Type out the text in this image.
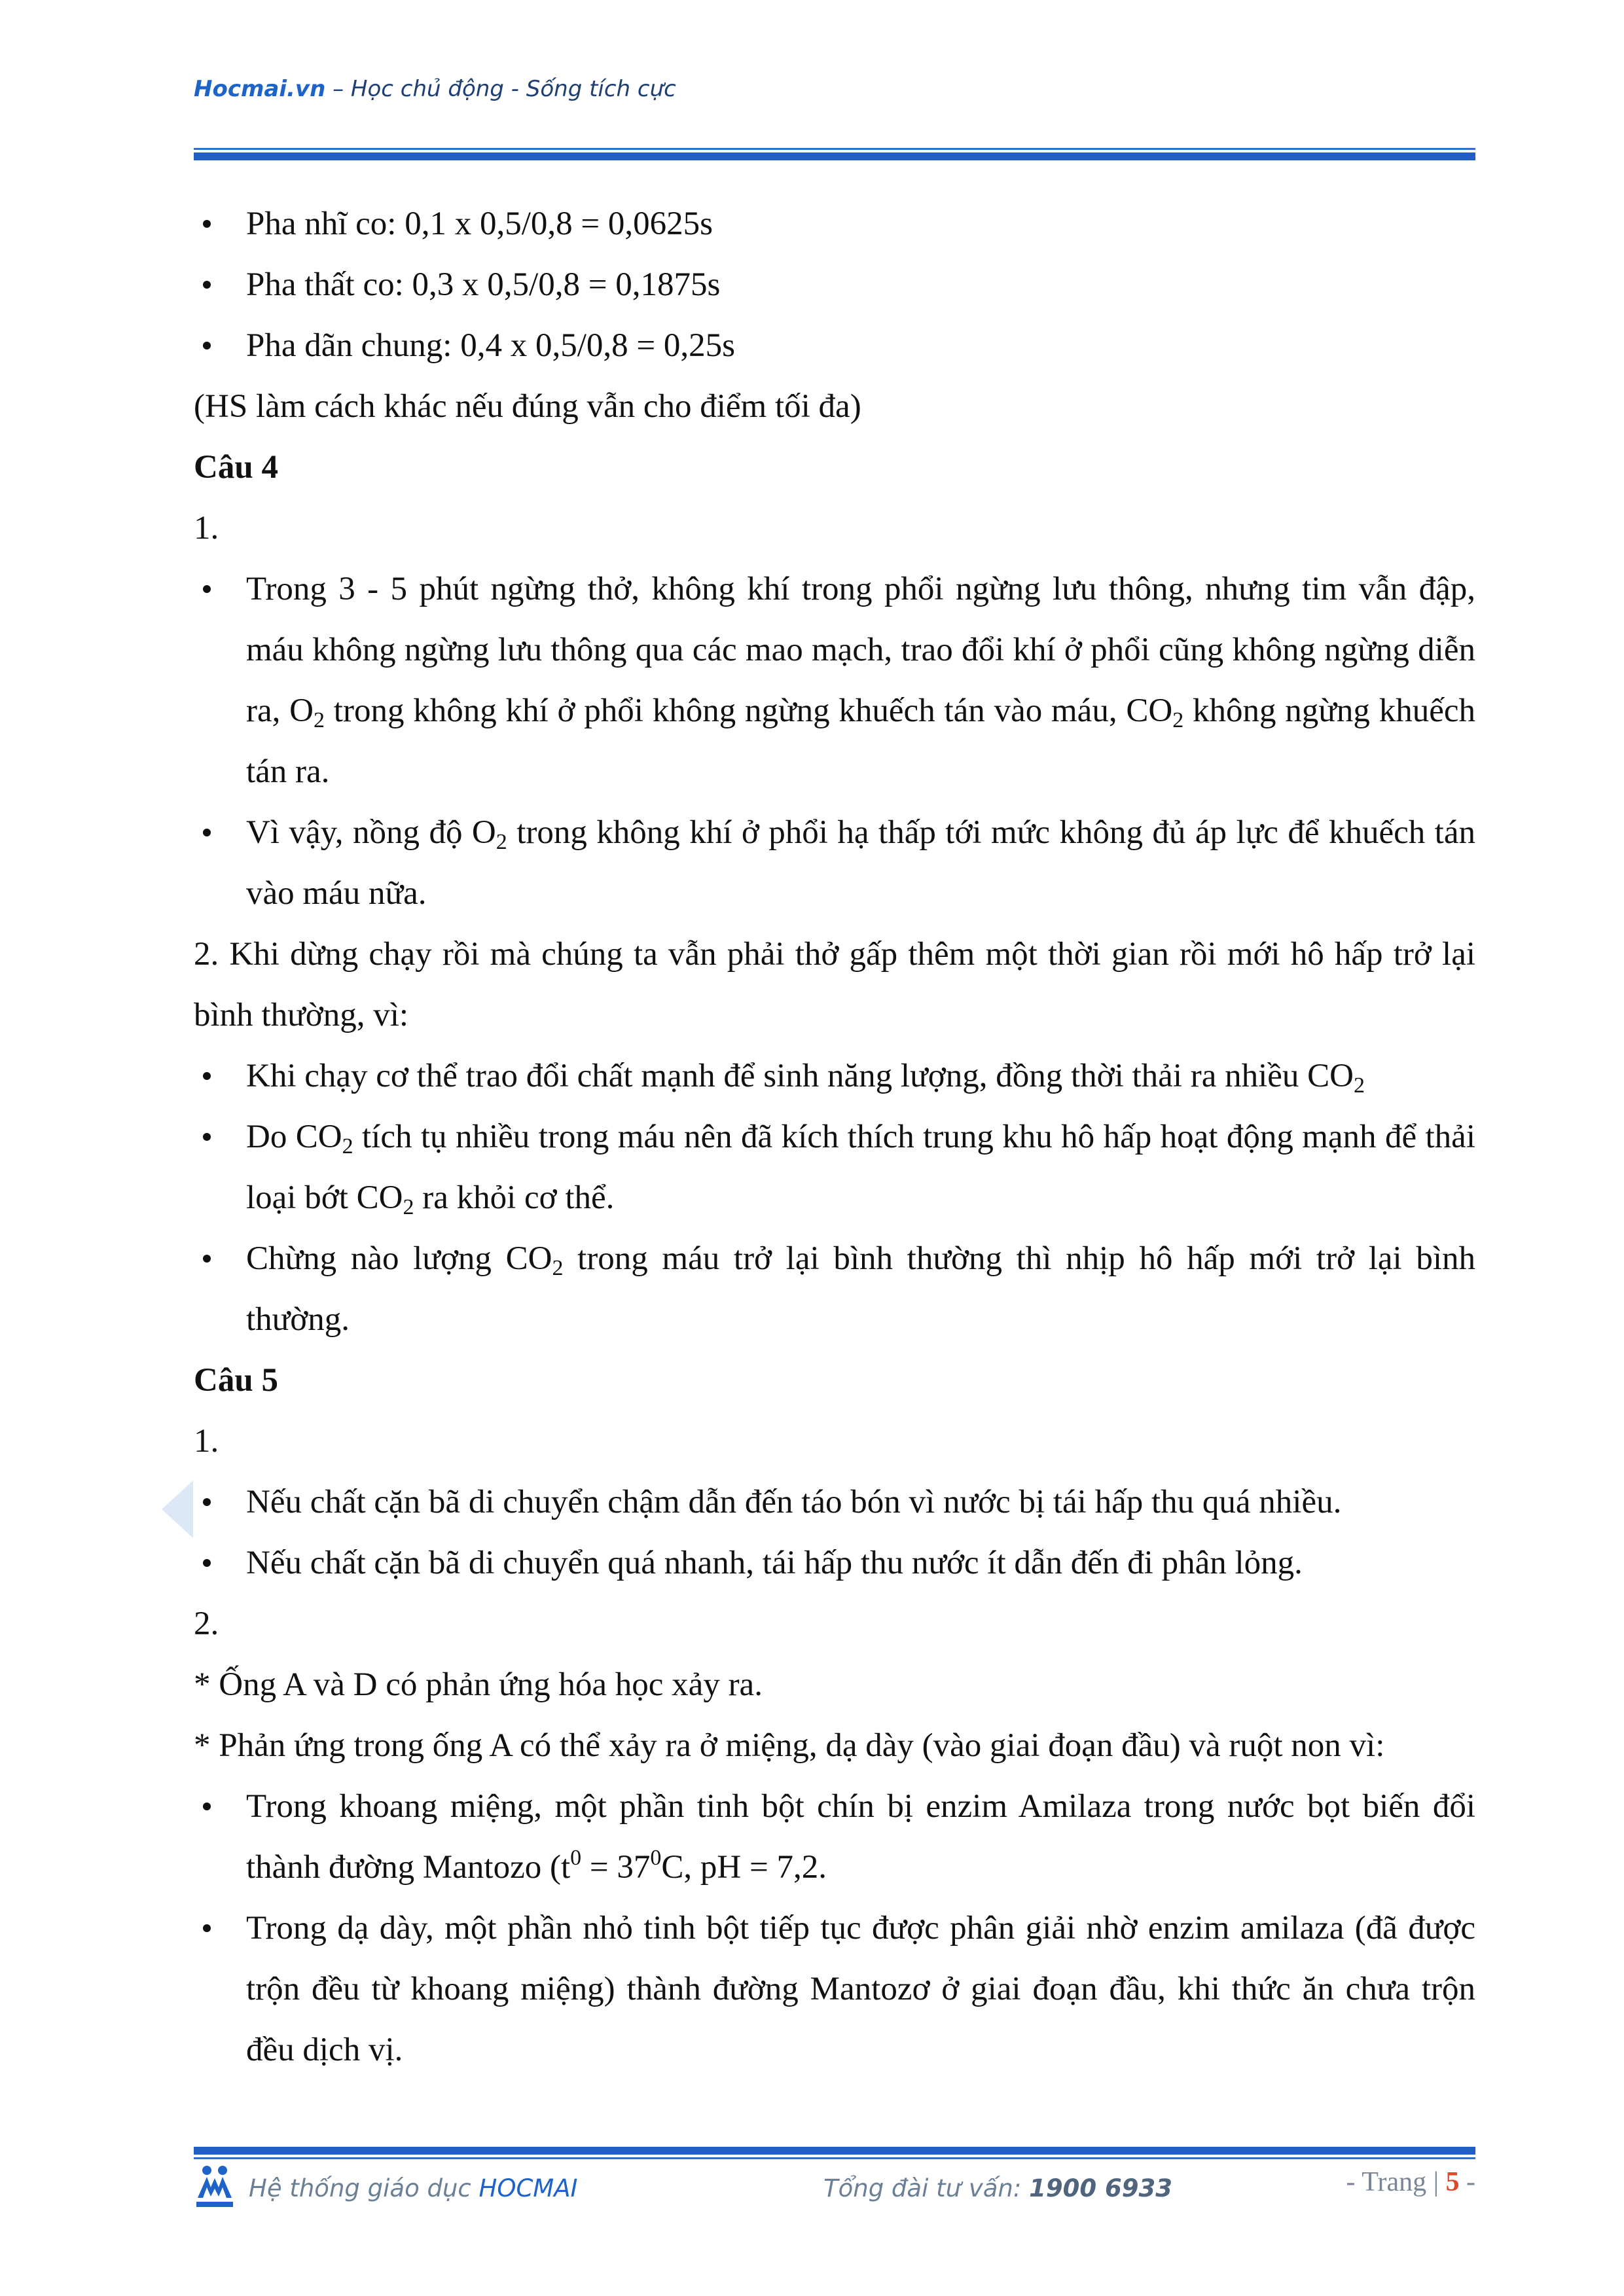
Hocmai.vn – Học chủ động - Sống tích cực
Pha nhĩ co: 0,1 x 0,5/0,8 = 0,0625s
Pha thất co: 0,3 x 0,5/0,8 = 0,1875s
Pha dãn chung: 0,4 x 0,5/0,8 = 0,25s
(HS làm cách khác nếu đúng vẫn cho điểm tối đa)
Câu 4
1.
Trong 3 - 5 phút ngừng thở, không khí trong phổi ngừng lưu thông, nhưng tim vẫn đập, máu không ngừng lưu thông qua các mao mạch, trao đổi khí ở phổi cũng không ngừng diễn ra, $O_2$ trong không khí ở phổi không ngừng khuếch tán vào máu, $CO_2$ không ngừng khuếch tán ra.
Vì vậy, nồng độ $O_2$ trong không khí ở phổi hạ thấp tới mức không đủ áp lực để khuếch tán vào máu nữa.
2. Khi dừng chạy rồi mà chúng ta vẫn phải thở gấp thêm một thời gian rồi mới hô hấp trở lại bình thường, vì:
Khi chạy cơ thể trao đổi chất mạnh để sinh năng lượng, đồng thời thải ra nhiều $CO_2$
Do $CO_2$ tích tụ nhiều trong máu nên đã kích thích trung khu hô hấp hoạt động mạnh để thải loại bớt $CO_2$ ra khỏi cơ thể.
Chừng nào lượng $CO_2$ trong máu trở lại bình thường thì nhịp hô hấp mới trở lại bình thường.
Câu 5
1.
Nếu chất cặn bã di chuyển chậm dẫn đến táo bón vì nước bị tái hấp thu quá nhiều.
Nếu chất cặn bã di chuyển quá nhanh, tái hấp thu nước ít dẫn đến đi phân lỏng.
2.
* Ống A và D có phản ứng hóa học xảy ra.
* Phản ứng trong ống A có thể xảy ra ở miệng, dạ dày (vào giai đoạn đầu) và ruột non vì:
Trong khoang miệng, một phần tinh bột chín bị enzim Amilaza trong nước bọt biến đổi thành đường Mantozo ($t^0 = 37^0C$, pH = 7,2.
Trong dạ dày, một phần nhỏ tinh bột tiếp tục được phân giải nhờ enzim amilaza (đã được trộn đều từ khoang miệng) thành đường Mantozơ ở giai đoạn đầu, khi thức ăn chưa trộn đều dịch vị.
Hệ thống giáo dục HOCMAI	Tổng đài tư vấn: 1900 6933	- Trang | 5 -
